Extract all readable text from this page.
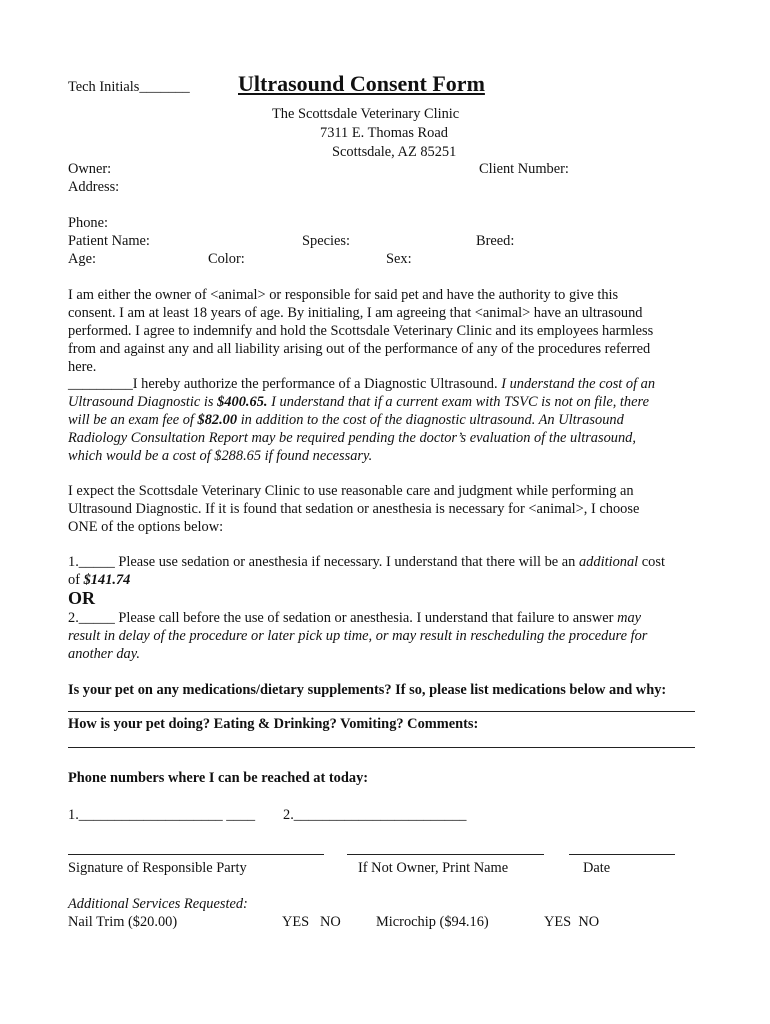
Tech Initials_______ Ultrasound Consent Form
The Scottsdale Veterinary Clinic
7311 E. Thomas Road
Scottsdale, AZ 85251
Owner:	Client Number:
Address:
Phone:
Patient Name:	Species:	Breed:
Age:	Color:	Sex:
I am either the owner of <animal> or responsible for said pet and have the authority to give this
consent. I am at least 18 years of age. By initialing, I am agreeing that <animal> have an ultrasound
performed. I agree to indemnify and hold the Scottsdale Veterinary Clinic and its employees harmless
from and against any and all liability arising out of the performance of any of the procedures referred
here.
_________I hereby authorize the performance of a Diagnostic Ultrasound. I understand the cost of an
Ultrasound Diagnostic is $400.65. I understand that if a current exam with TSVC is not on file, there
will be an exam fee of $82.00 in addition to the cost of the diagnostic ultrasound. An Ultrasound
Radiology Consultation Report may be required pending the doctor’s evaluation of the ultrasound,
which would be a cost of $288.65 if found necessary.
I expect the Scottsdale Veterinary Clinic to use reasonable care and judgment while performing an
Ultrasound Diagnostic. If it is found that sedation or anesthesia is necessary for <animal>, I choose
ONE of the options below:
1._____ Please use sedation or anesthesia if necessary. I understand that there will be an additional cost
of $141.74
OR
2._____ Please call before the use of sedation or anesthesia. I understand that failure to answer may
result in delay of the procedure or later pick up time, or may result in rescheduling the procedure for
another day.
Is your pet on any medications/dietary supplements? If so, please list medications below and why:
How is your pet doing? Eating & Drinking? Vomiting? Comments:
Phone numbers where I can be reached at today:
1.____________________ ____ 2.________________________
Signature of Responsible Party	If Not Owner, Print Name	Date
Additional Services Requested:
Nail Trim ($20.00)	YES   NO Microchip ($94.16)	YES  NO
